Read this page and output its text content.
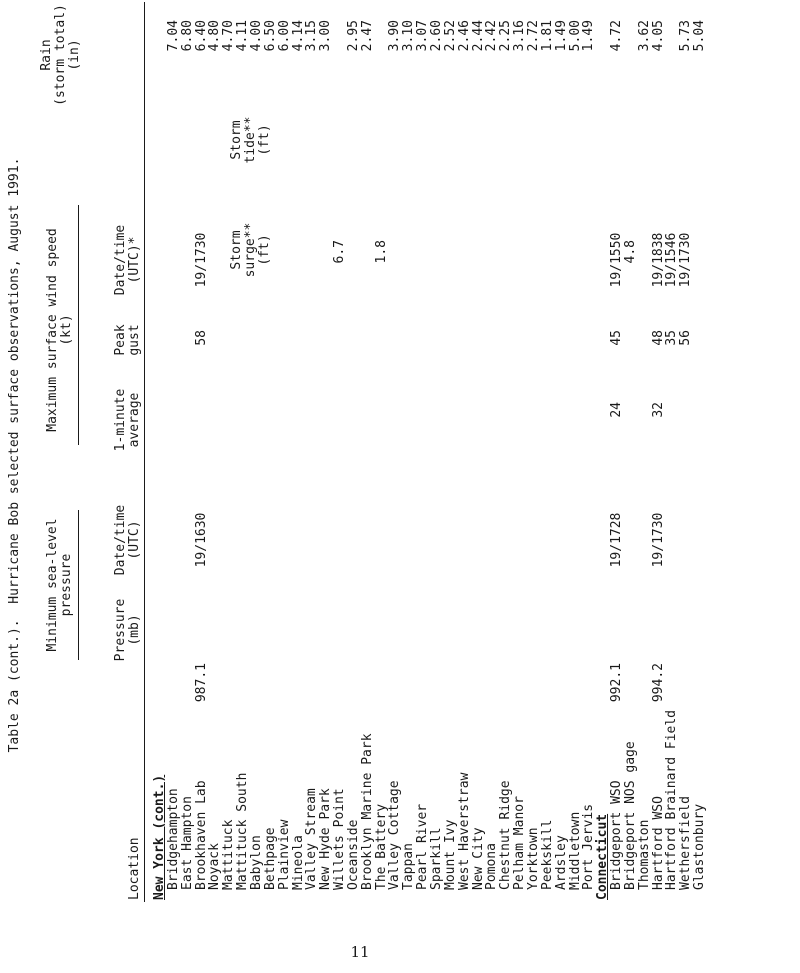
Table 2a (cont.).  Hurricane Bob selected surface observations, August 1991. Minimum sea-level pressure
Maximum surface wind speed (kt)
Location
Pressure (mb)
Date/time (UTC)
1-minute average
Peak gust
Date/time (UTC)*	Storm surge** (ft)
Storm tide** (ft)
Rain (storm total) (in)
New York (cont.)
Bridgehampton
7.04
East Hampton
6.80
Brookhaven Lab
987.1
19/1630
58
19/1730
6.40
Noyack
4.80
Mattituck
4.70
Mattituck South
4.11
Babylon
4.00
Bethpage
6.50
Plainview
6.00
Mineola
4.14
Valley Stream
3.15
New Hyde Park
3.00
Willets Point
6.7
Oceanside
2.95
Brooklyn Marine Park
2.47
The Battery
1.8
Valley Cottage
3.90
Tappan
3.10
Pearl River
3.07
Sparkill
2.60
Mount Ivy
2.52
West Haverstraw
2.46
New City
2.44
Pomona
2.42
Chestnut Ridge
2.25
Pelham Manor
3.16
Yorktown
2.72
Peekskill
1.81
Ardsley
1.49
Middletown
5.00
Port Jervis
1.49
Connecticut
Bridgeport WSO
992.1
19/1728
24
45
19/1550
4.72
Bridgeport NOS gage
4.8
Thomaston
3.62
Hartford WSO
994.2
19/1730
32
48
19/1838
4.05
Hartford Brainard Field
35
19/1546
Wethersfield
56
19/1730
5.73
Glastonbury
5.04
11
